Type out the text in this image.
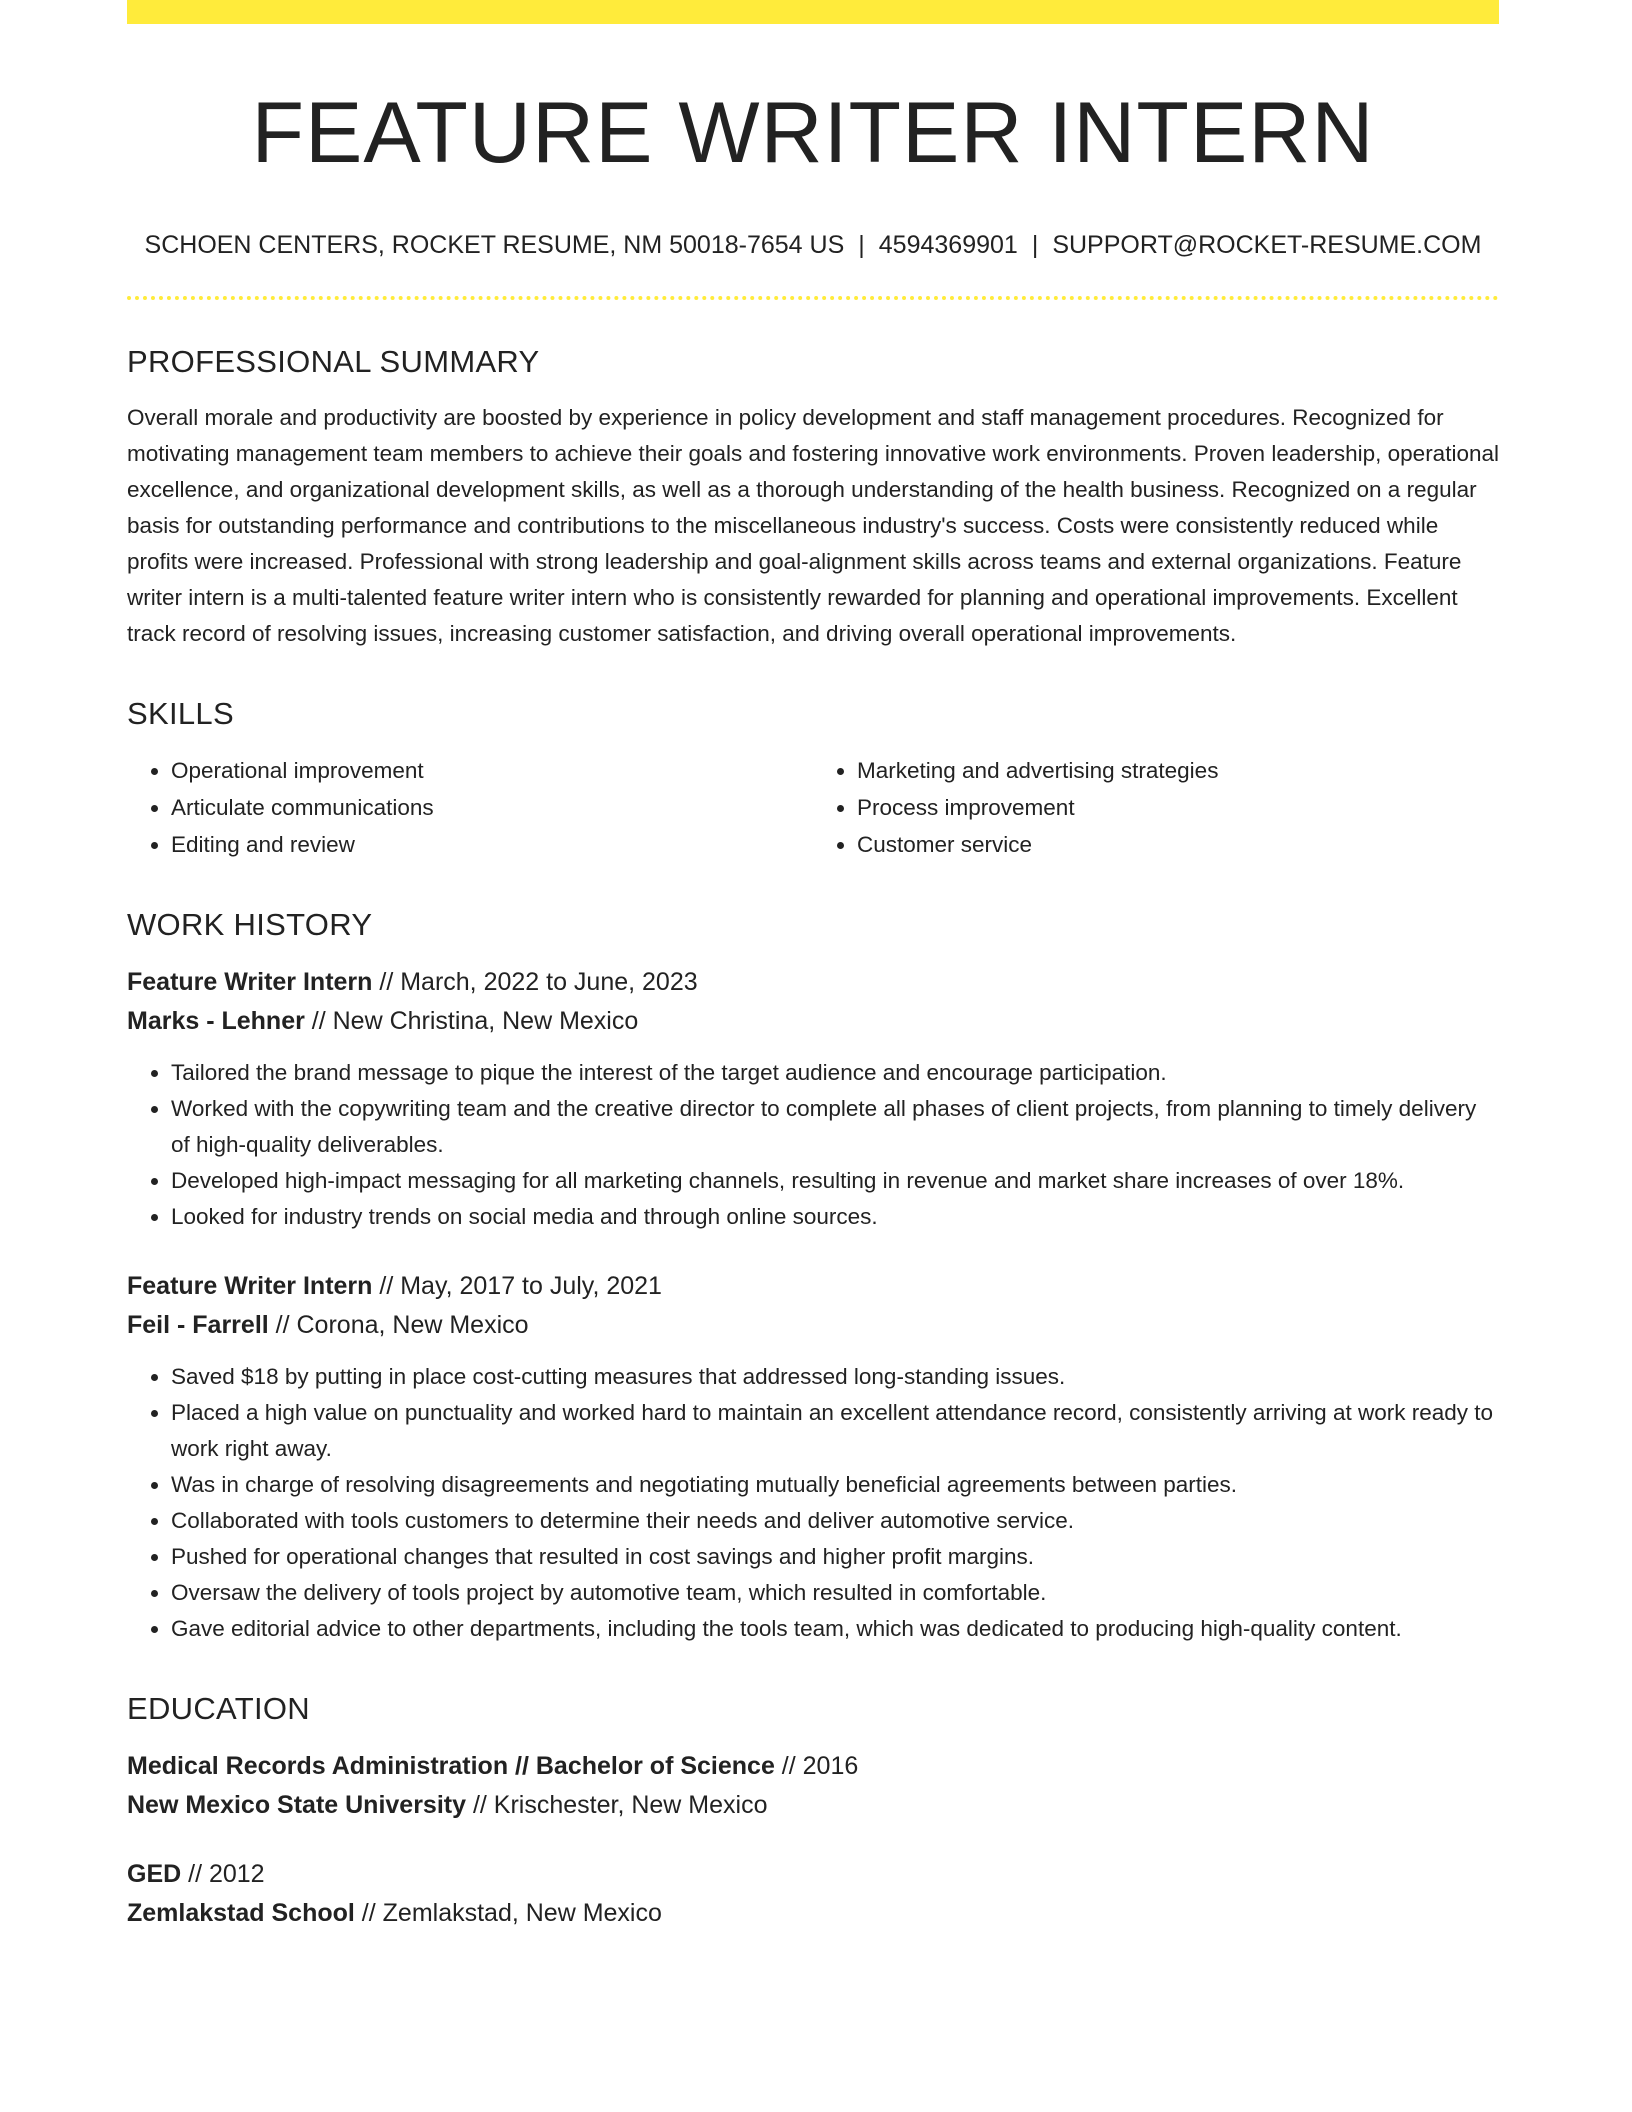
FEATURE WRITER INTERN
SCHOEN CENTERS, ROCKET RESUME, NM 50018-7654 US | 4594369901 | SUPPORT@ROCKET-RESUME.COM
PROFESSIONAL SUMMARY
Overall morale and productivity are boosted by experience in policy development and staff management procedures. Recognized for motivating management team members to achieve their goals and fostering innovative work environments. Proven leadership, operational excellence, and organizational development skills, as well as a thorough understanding of the health business. Recognized on a regular basis for outstanding performance and contributions to the miscellaneous industry's success. Costs were consistently reduced while profits were increased. Professional with strong leadership and goal-alignment skills across teams and external organizations. Feature writer intern is a multi-talented feature writer intern who is consistently rewarded for planning and operational improvements. Excellent track record of resolving issues, increasing customer satisfaction, and driving overall operational improvements.
SKILLS
• Operational improvement
• Articulate communications
• Editing and review
• Marketing and advertising strategies
• Process improvement
• Customer service
WORK HISTORY
Feature Writer Intern // March, 2022 to June, 2023
Marks - Lehner // New Christina, New Mexico
• Tailored the brand message to pique the interest of the target audience and encourage participation.
• Worked with the copywriting team and the creative director to complete all phases of client projects, from planning to timely delivery of high-quality deliverables.
• Developed high-impact messaging for all marketing channels, resulting in revenue and market share increases of over 18%.
• Looked for industry trends on social media and through online sources.
Feature Writer Intern // May, 2017 to July, 2021
Feil - Farrell // Corona, New Mexico
• Saved $18 by putting in place cost-cutting measures that addressed long-standing issues.
• Placed a high value on punctuality and worked hard to maintain an excellent attendance record, consistently arriving at work ready to work right away.
• Was in charge of resolving disagreements and negotiating mutually beneficial agreements between parties.
• Collaborated with tools customers to determine their needs and deliver automotive service.
• Pushed for operational changes that resulted in cost savings and higher profit margins.
• Oversaw the delivery of tools project by automotive team, which resulted in comfortable.
• Gave editorial advice to other departments, including the tools team, which was dedicated to producing high-quality content.
EDUCATION
Medical Records Administration // Bachelor of Science // 2016
New Mexico State University // Krischester, New Mexico
GED // 2012
Zemlakstad School // Zemlakstad, New Mexico
